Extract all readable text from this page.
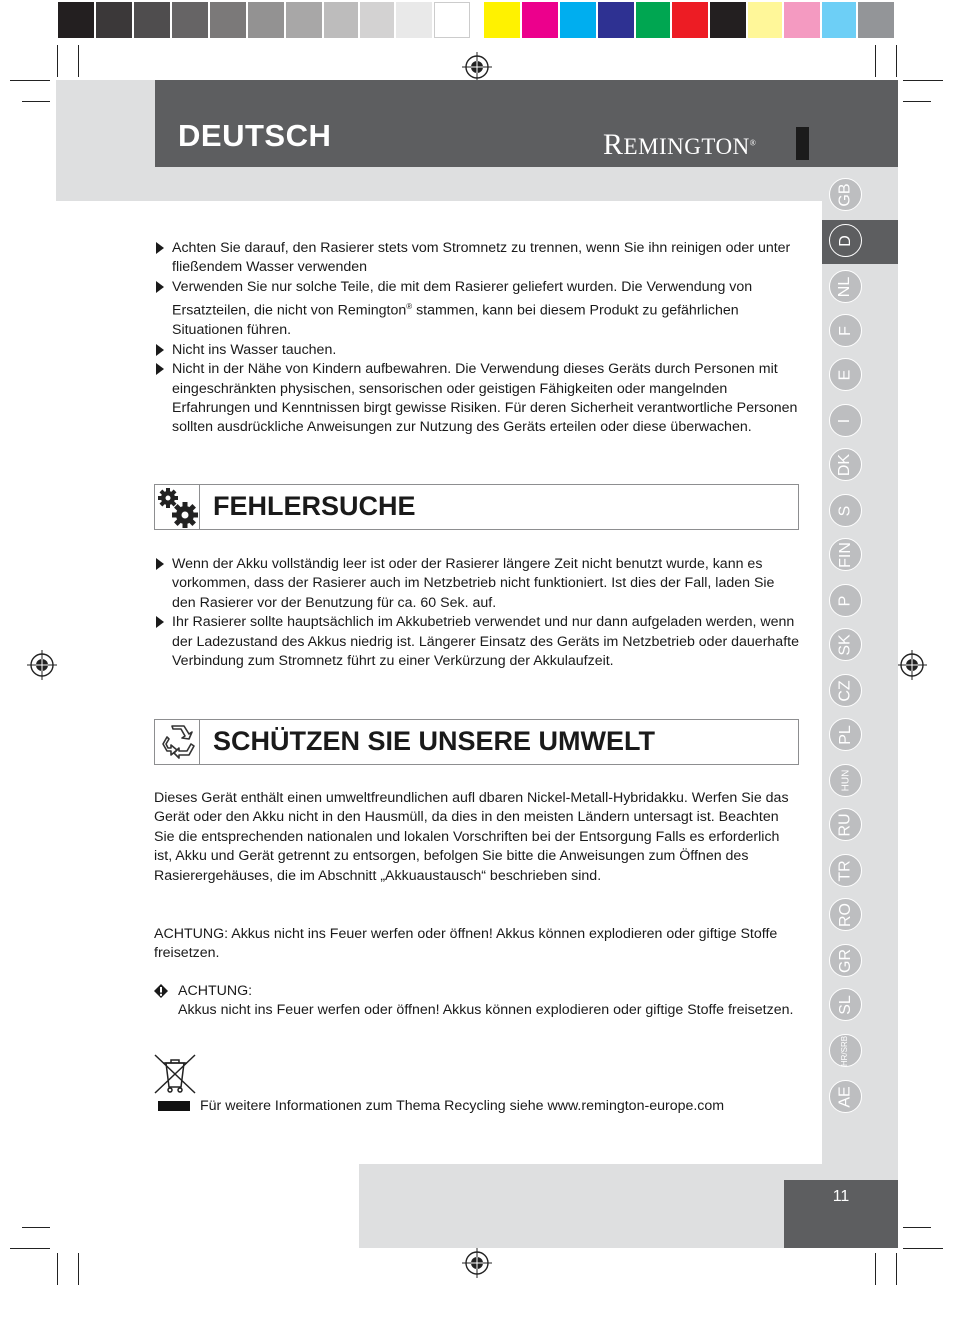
DEUTSCH	REMINGTON®
GB
D
NL
F
E
I
DK
S
FIN
P
SK
CZ
PL
HUN
RU
TR
RO
GR
SL
HR/SRB
AE
Achten Sie darauf, den Rasierer stets vom Stromnetz zu trennen, wenn Sie ihn reinigen oder unter fließendem Wasser verwenden
Verwenden Sie nur solche Teile, die mit dem Rasierer geliefert wurden. Die Verwendung von Ersatzteilen, die nicht von Remington® stammen, kann bei diesem Produkt zu gefährlichen Situationen führen.
Nicht ins Wasser tauchen.
Nicht in der Nähe von Kindern aufbewahren. Die Verwendung dieses Geräts durch Personen mit eingeschränkten physischen, sensorischen oder geistigen Fähigkeiten oder mangelnden Erfahrungen und Kenntnissen birgt gewisse Risiken. Für deren Sicherheit verantwortliche Personen sollten ausdrückliche Anweisungen zur Nutzung des Geräts erteilen oder diese überwachen.
FEHLERSUCHE
Wenn der Akku vollständig leer ist oder der Rasierer längere Zeit nicht benutzt wurde, kann es vorkommen, dass der Rasierer auch im Netzbetrieb nicht funktioniert. Ist dies der Fall, laden Sie den Rasierer vor der Benutzung für ca. 60 Sek. auf.
Ihr Rasierer sollte hauptsächlich im Akkubetrieb verwendet und nur dann aufgeladen werden, wenn der Ladezustand des Akkus niedrig ist. Längerer Einsatz des Geräts im Netzbetrieb oder dauerhafte Verbindung zum Stromnetz führt zu einer Verkürzung der Akkulaufzeit.
SCHÜTZEN SIE UNSERE UMWELT
Dieses Gerät enthält einen umweltfreundlichen aufl dbaren Nickel-Metall-Hybridakku. Werfen Sie das Gerät oder den Akku nicht in den Hausmüll, da dies in den meisten Ländern untersagt ist. Beachten Sie die entsprechenden nationalen und lokalen Vorschriften bei der Entsorgung Falls es erforderlich ist, Akku und Gerät getrennt zu entsorgen, befolgen Sie bitte die Anweisungen zum Öffnen des Rasierergehäuses, die im Abschnitt „Akkuaustausch“ beschrieben sind.
ACHTUNG: Akkus nicht ins Feuer werfen oder öffnen! Akkus können explodieren oder giftige Stoffe freisetzen.
ACHTUNG:
Akkus nicht ins Feuer werfen oder öffnen! Akkus können explodieren oder giftige Stoffe freisetzen.
Für weitere Informationen zum Thema Recycling siehe www.remington-europe.com
11
